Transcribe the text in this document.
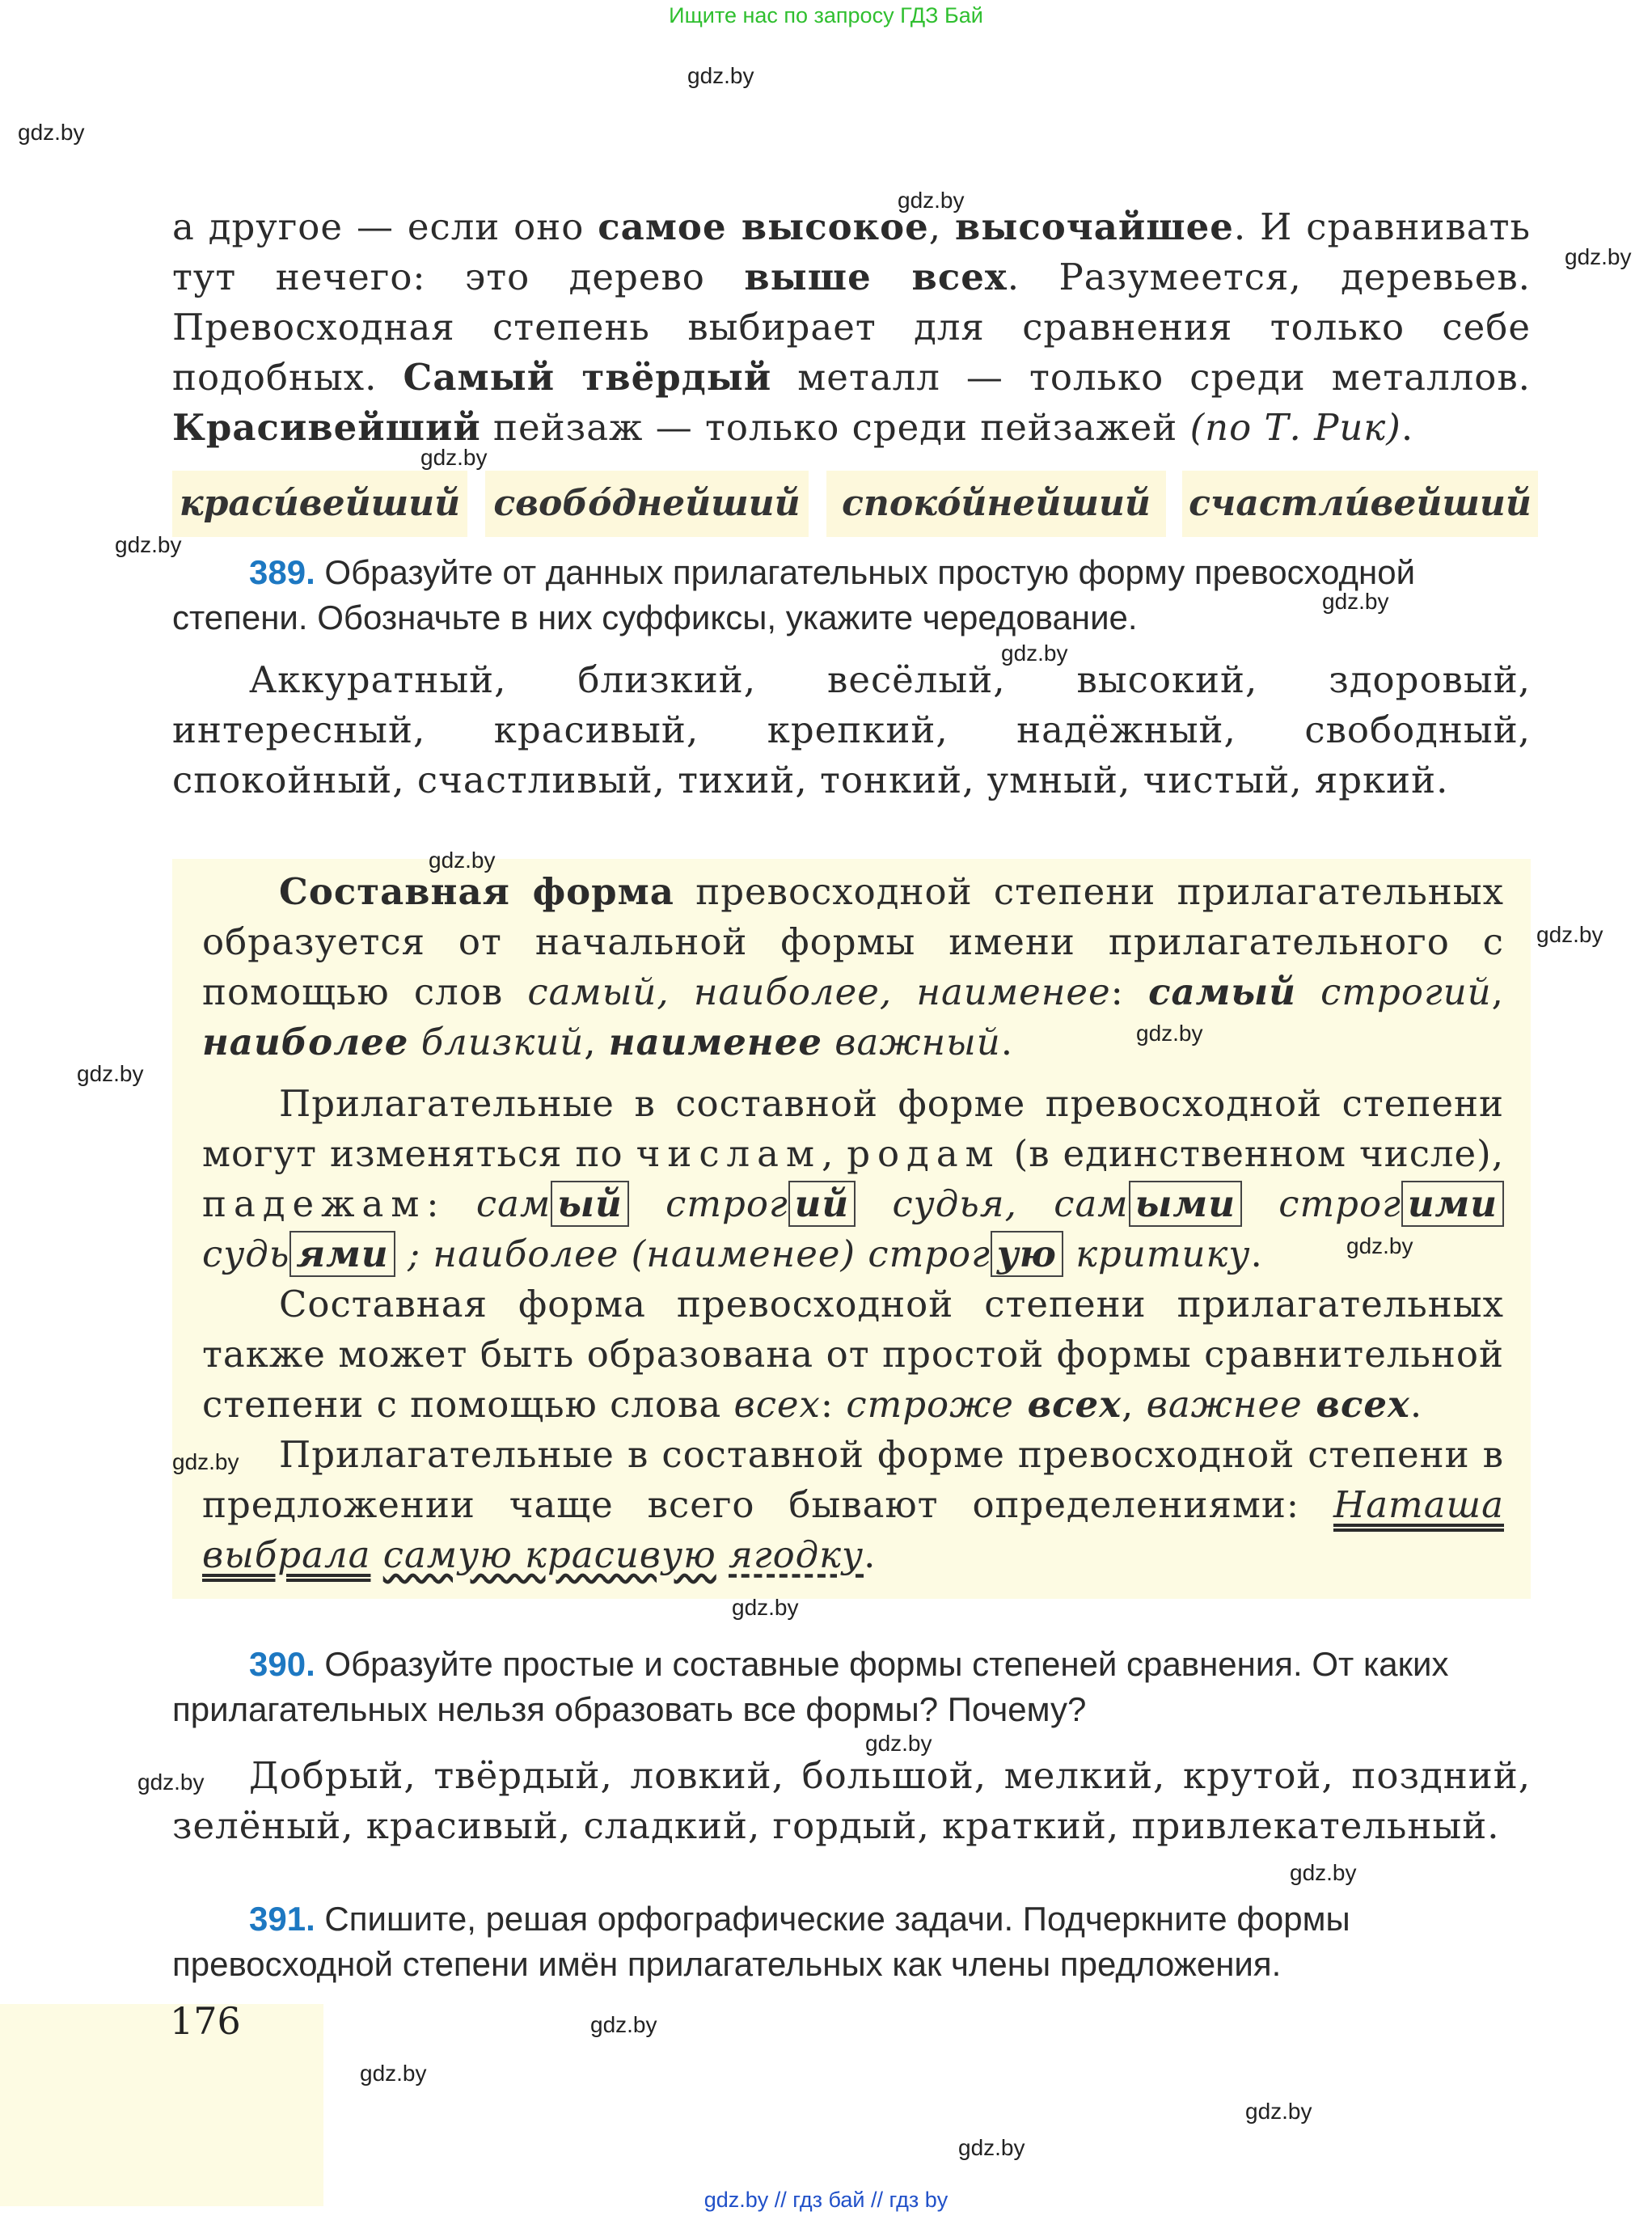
Ищите нас по запросу ГДЗ Бай

а другое — если оно самое высокое, высочайшее. И сравнивать тут нечего: это дерево выше всех. Разумеется, деревьев. Превосходная степень выбирает для сравнения только себе подобных. Самый твёрдый металл — только среди металлов. Красивейший пейзаж — только среди пейзажей (по Т. Рик).

краси́вейший свобо́днейший	споко́йнейший	счастли́вейший
389. Образуйте от данных прилагательных простую форму превосходной степени. Обозначьте в них суффиксы, укажите чередование.

Аккуратный, близкий, весёлый, высокий, здоровый, интересный, красивый, крепкий, надёжный, свободный, спокойный, счастливый, тихий, тонкий, умный, чистый, яркий.

Составная форма превосходной степени прилагательных образуется от начальной формы имени прилагательного с помощью слов самый, наиболее, наименее: самый строгий, наиболее близкий, наименее важный.

Прилагательные в составной форме превосходной степени могут изменяться по числам, родам (в единственном числе), падежам: сам ый строг ий судья, сам ыми строг ими судь ями ; наиболее (наименее) строг ую критику.

Составная форма превосходной степени прилагательных также может быть образована от простой формы сравнительной степени с помощью слова всех: строже всех, важнее всех.

Прилагательные в составной форме превосходной степени в предложении чаще всего бывают определениями: Наташа выбрала самую красивую ягодку.

390. Образуйте простые и составные формы степеней сравнения. От каких прилагательных нельзя образовать все формы? Почему?

Добрый, твёрдый, ловкий, большой, мелкий, крутой, поздний, зелёный, красивый, сладкий, гордый, краткий, привлекательный.

391. Спишите, решая орфографические задачи. Подчеркните формы превосходной степени имён прилагательных как члены предложения.
176
gdz.by
gdz.by
gdz.by
gdz.by
gdz.by
gdz.by
gdz.by
gdz.by
gdz.by
gdz.by
gdz.by
gdz.by
gdz.by
gdz.by
gdz.by
gdz.by
gdz.by
gdz.by
gdz.by
gdz.by
gdz.by
gdz.by
gdz.by // гдз бай // гдз by
